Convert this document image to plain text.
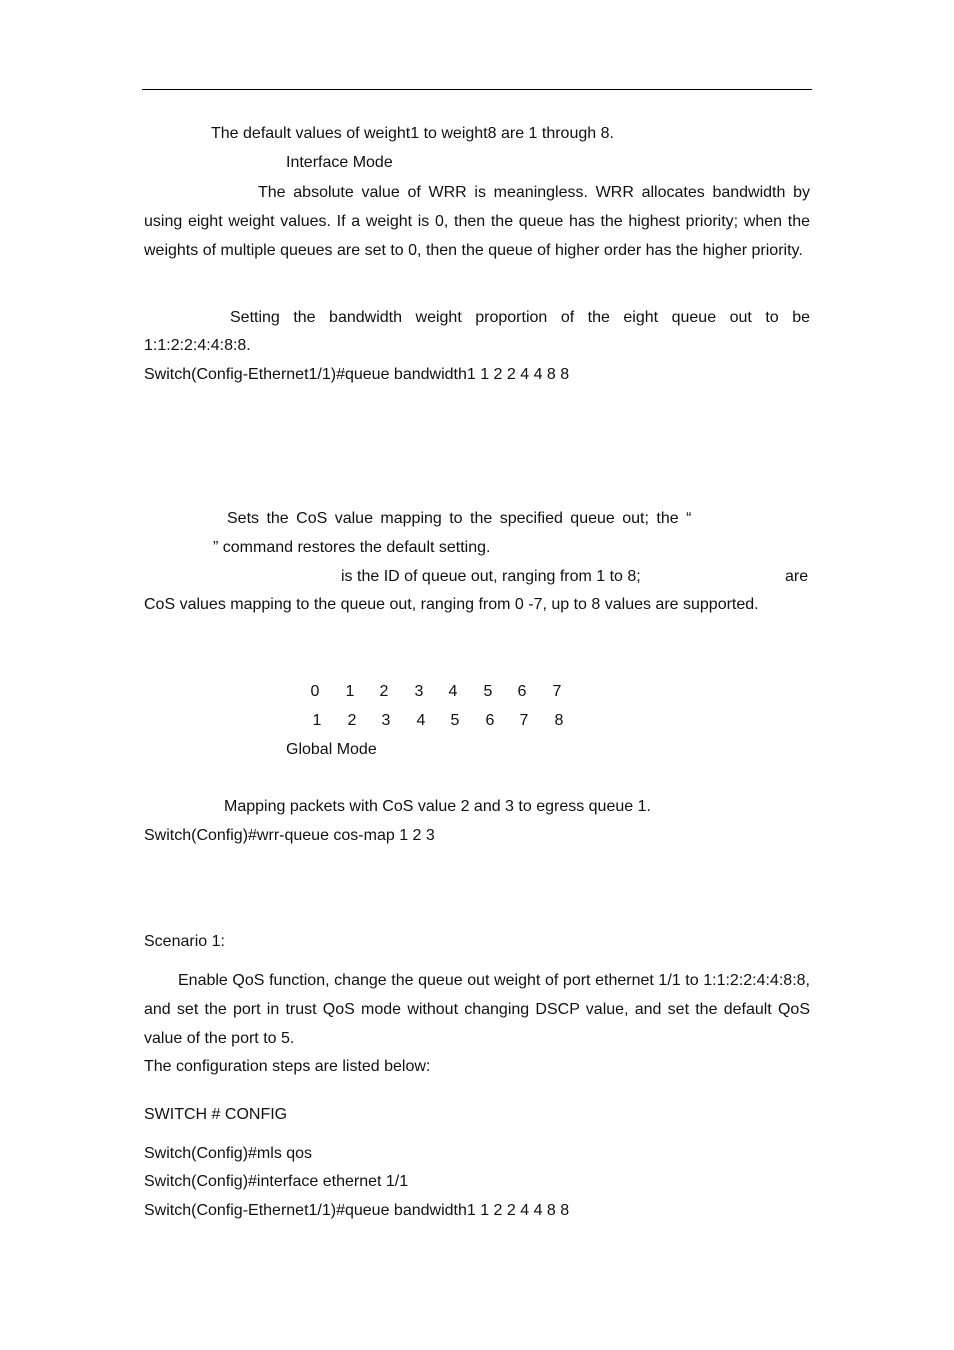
The default values of weight1 to weight8 are 1 through 8.
Interface Mode
The absolute value of WRR is meaningless. WRR allocates bandwidth by using eight weight values. If a weight is 0, then the queue has the highest priority; when the weights of multiple queues are set to 0, then the queue of higher order has the higher priority.
Setting the bandwidth weight proportion of the eight queue out to be
1:1:2:2:4:4:8:8.
Switch(Config-Ethernet1/1)#queue bandwidth1 1 2 2 4 4 8 8
Sets the CoS value mapping to the specified queue out; the “
” command restores the default setting.
is the ID of queue out, ranging from 1 to 8;	are
CoS values mapping to the queue out, ranging from 0 -7, up to 8 values are supported.
0	1	2	3	4	5	6	7
1	2	3	4	5	6	7	8
Global Mode
Mapping packets with CoS value 2 and 3 to egress queue 1.
Switch(Config)#wrr-queue cos-map 1 2 3
Scenario 1:
Enable QoS function, change the queue out weight of port ethernet 1/1 to 1:1:2:2:4:4:8:8, and set the port in trust QoS mode without changing DSCP value, and set the default QoS value of the port to 5.
The configuration steps are listed below:
SWITCH # CONFIG
Switch(Config)#mls qos
Switch(Config)#interface ethernet 1/1
Switch(Config-Ethernet1/1)#queue bandwidth1 1 2 2 4 4 8 8
